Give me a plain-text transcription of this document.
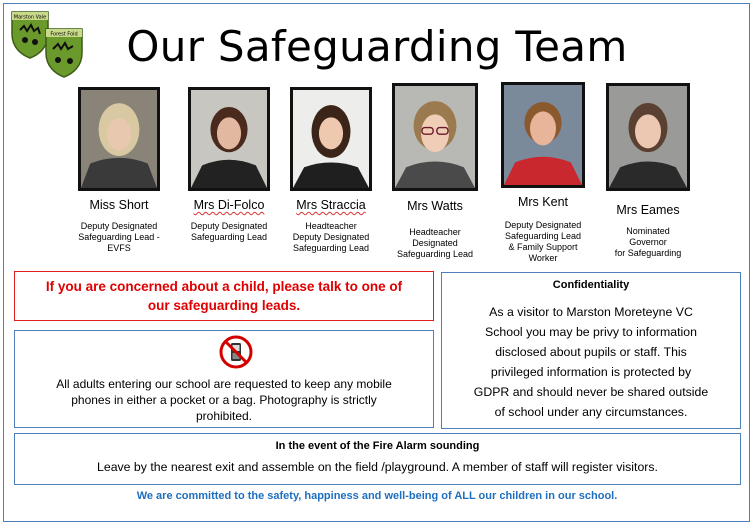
Marston Vale
Forest Fold	Our Safeguarding Team
Miss Short
Deputy Designated
Safeguarding Lead -
EVFS
Mrs Di-Folco
Deputy Designated
Safeguarding Lead
Mrs Straccia
Headteacher
Deputy Designated
Safeguarding Lead
Mrs Watts
Headteacher
Designated
Safeguarding Lead
Mrs Kent
Deputy Designated
Safeguarding Lead
& Family Support
Worker
Mrs Eames
Nominated
Governor
for Safeguarding
If you are concerned about a child, please talk to one of
our safeguarding leads.
All adults entering our school are requested to keep any mobile
phones in either a pocket or a bag. Photography is strictly
prohibited.
Confidentiality
As a visitor to Marston Moreteyne VC
School you may be privy to information
disclosed about pupils or staff. This
privileged information is protected by
GDPR and should never be shared outside
of school under any circumstances.
In the event of the Fire Alarm sounding
Leave by the nearest exit and assemble on the field /playground. A member of staff will register visitors.
We are committed to the safety, happiness and well-being of ALL our children in our school.
